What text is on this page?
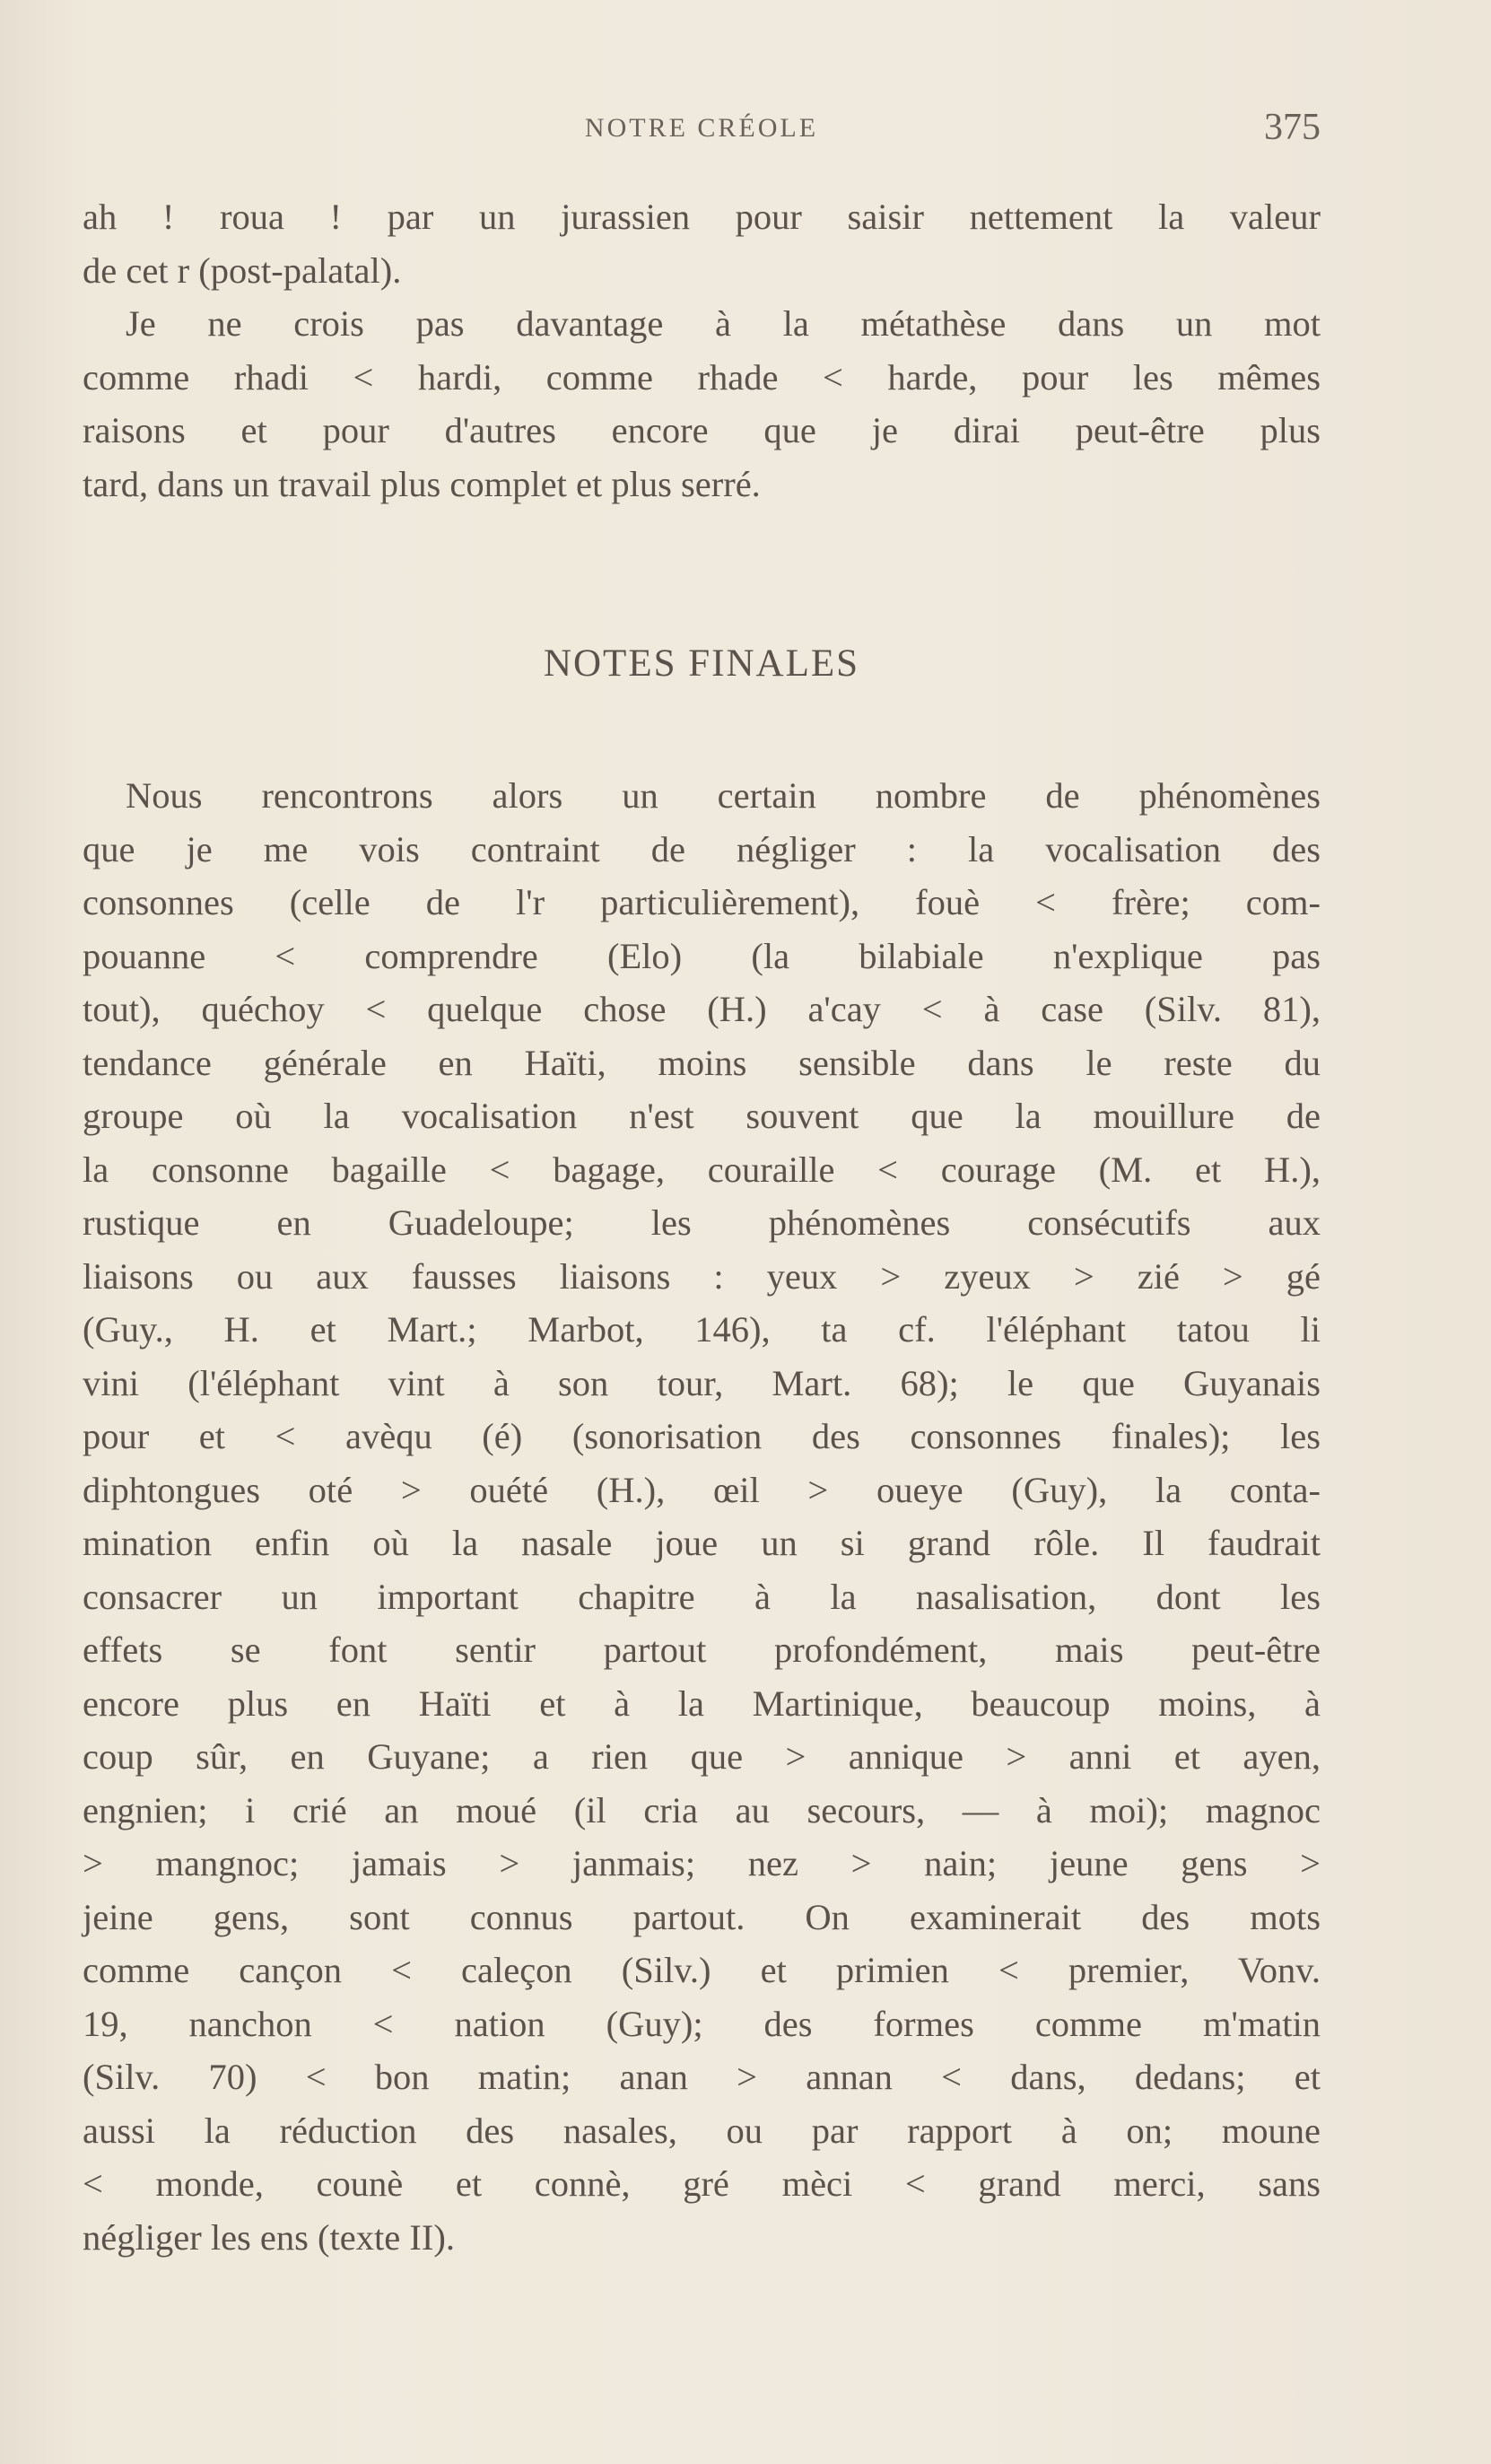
NOTRE CRÉOLE	375
ah ! roua ! par un jurassien pour saisir nettement la valeur
de cet r (post-palatal).
Je ne crois pas davantage à la métathèse dans un mot
comme rhadi < hardi, comme rhade < harde, pour les mêmes
raisons et pour d'autres encore que je dirai peut-être plus
tard, dans un travail plus complet et plus serré.
NOTES FINALES
Nous rencontrons alors un certain nombre de phénomènes
que je me vois contraint de négliger : la vocalisation des
consonnes (celle de l'r particulièrement), fouè < frère; com-
pouanne < comprendre (Elo) (la bilabiale n'explique pas
tout), quéchoy < quelque chose (H.) a'cay < à case (Silv. 81),
tendance générale en Haïti, moins sensible dans le reste du
groupe où la vocalisation n'est souvent que la mouillure de
la consonne bagaille < bagage, couraille < courage (M. et H.),
rustique en Guadeloupe; les phénomènes consécutifs aux
liaisons ou aux fausses liaisons : yeux > zyeux > zié > gé
(Guy., H. et Mart.; Marbot, 146), ta cf. l'éléphant tatou li
vini (l'éléphant vint à son tour, Mart. 68); le que Guyanais
pour et < avèqu (é) (sonorisation des consonnes finales); les
diphtongues oté > ouété (H.), œil > oueye (Guy), la conta-
mination enfin où la nasale joue un si grand rôle. Il faudrait
consacrer un important chapitre à la nasalisation, dont les
effets se font sentir partout profondément, mais peut-être
encore plus en Haïti et à la Martinique, beaucoup moins, à
coup sûr, en Guyane; a rien que > annique > anni et ayen,
engnien; i crié an moué (il cria au secours, — à moi); magnoc
> mangnoc; jamais > janmais; nez > nain; jeune gens >
jeine gens, sont connus partout. On examinerait des mots
comme cançon < caleçon (Silv.) et primien < premier, Vonv.
19, nanchon < nation (Guy); des formes comme m'matin
(Silv. 70) < bon matin; anan > annan < dans, dedans; et
aussi la réduction des nasales, ou par rapport à on; moune
< monde, counè et connè, gré mèci < grand merci, sans
négliger les ens (texte II).
